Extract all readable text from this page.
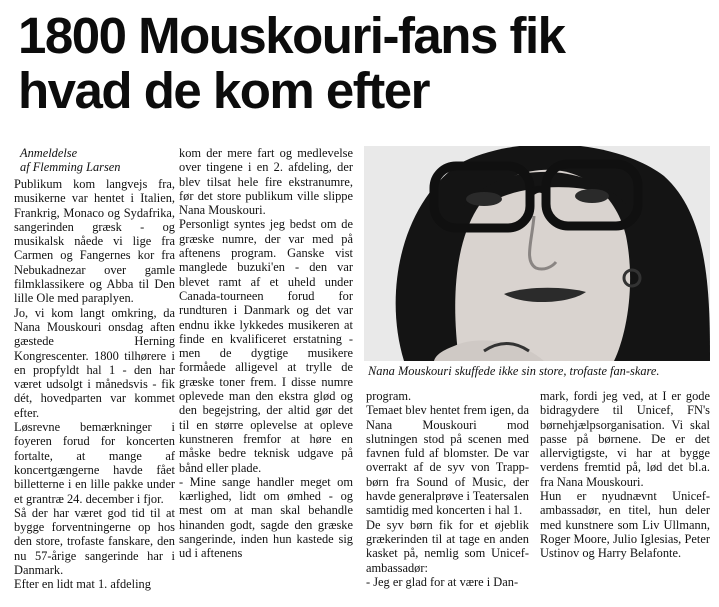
1800 Mouskouri-fans fik
hvad de kom efter

Anmeldelse

af Flemming Larsen

Publikum kom langvejs fra, musikerne var hentet i Italien, Frankrig, Monaco og Sydafrika, sangerinden græsk - og musikalsk nåede vi lige fra Carmen og Fangernes kor fra Nebukadnezar over gamle filmklassikere og Abba til Den lille Ole med paraplyen.

Jo, vi kom langt omkring, da Nana Mouskouri onsdag aften gæstede Herning Kongrescenter. 1800 tilhørere i en propfyldt hal 1 - den har været udsolgt i månedsvis - fik dét, hovedparten var kommet efter.

Løsrevne bemærkninger i foyeren forud for koncerten fortalte, at mange af koncertgængerne havde fået billetterne i en lille pakke under et grantræ 24. december i fjor.

Så der har været god tid til at bygge forventningerne op hos den store, trofaste fanskare, den nu 57-årige sangerinde har i Danmark.

Efter en lidt mat 1. afdeling

kom der mere fart og medlevelse over tingene i en 2. afdeling, der blev tilsat hele fire ekstranumre, før det store publikum ville slippe Nana Mouskouri.

Personligt syntes jeg bedst om de græske numre, der var med på aftenens program. Ganske vist manglede buzuki'en - den var blevet ramt af et uheld under Canada-tourneen forud for rundturen i Danmark og det var endnu ikke lykkedes musikeren at finde en kvalificeret erstatning - men de dygtige musikere formåede alligevel at trylle de græske toner frem. I disse numre oplevede man den ekstra glød og den begejstring, der altid gør det til en større oplevelse at opleve kunstneren fremfor at høre en måske bedre teknisk udgave på bånd eller plade.

- Mine sange handler meget om kærlighed, lidt om ømhed - og mest om at man skal behandle hinanden godt, sagde den græske sangerinde, inden hun kastede sig ud i aftenens

Nana Mouskouri skuffede ikke sin store, trofaste fan-skare.

program.

Temaet blev hentet frem igen, da Nana Mouskouri mod slutningen stod på scenen med favnen fuld af blomster. De var overrakt af de syv von Trapp-børn fra Sound of Music, der havde generalprøve i Teatersalen samtidig med koncerten i hal 1.

De syv børn fik for et øjeblik grækerinden til at tage en anden kasket på, nemlig som Unicef-ambassadør:

- Jeg er glad for at være i Dan-

mark, fordi jeg ved, at I er gode bidragydere til Unicef, FN's børnehjælpsorganisation. Vi skal passe på børnene. De er det allervigtigste, vi har at bygge verdens fremtid på, lød det bl.a. fra Nana Mouskouri.

Hun er nyudnævnt Unicef-ambassadør, en titel, hun deler med kunstnere som Liv Ullmann, Roger Moore, Julio Iglesias, Peter Ustinov og Harry Belafonte.
